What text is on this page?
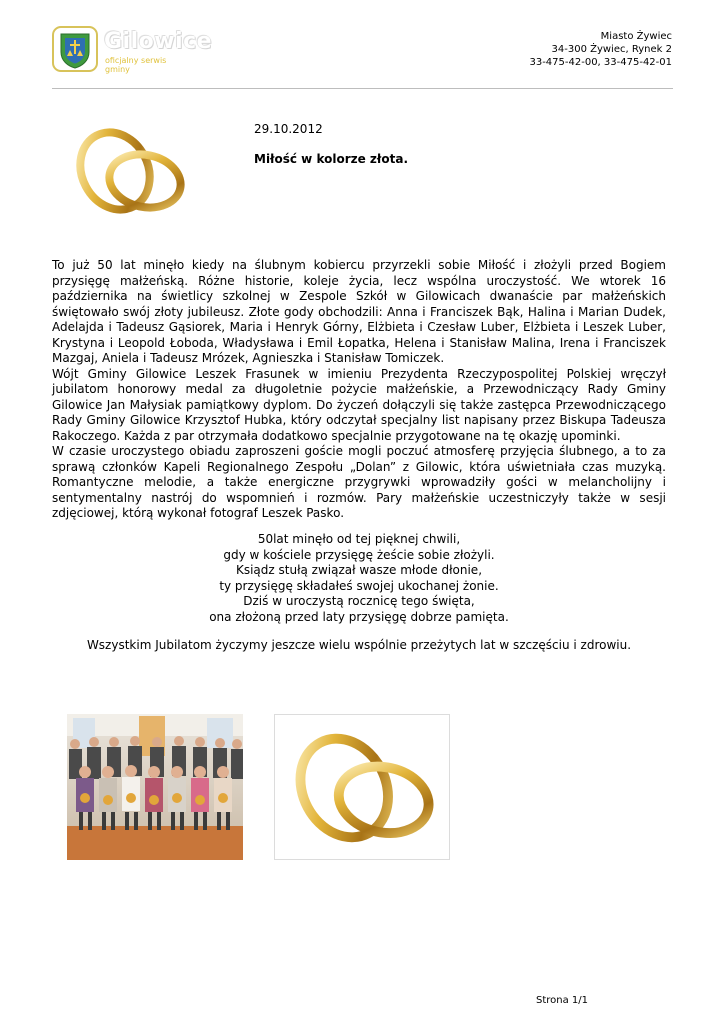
Gilowice
oficjalny serwis gminy
Miasto Żywiec
34-300 Żywiec, Rynek 2
33-475-42-00, 33-475-42-01
29.10.2012
Miłość w kolorze złota.

To już 50 lat minęło kiedy na ślubnym kobiercu przyrzekli sobie Miłość i złożyli przed Bogiem przysięgę małżeńską. Różne historie, koleje życia, lecz wspólna uroczystość. We wtorek 16 października na świetlicy szkolnej w Zespole Szkół w Gilowicach dwanaście par małżeńskich świętowało swój złoty jubileusz. Złote gody obchodzili: Anna i Franciszek Bąk, Halina i Marian Dudek, Adelajda i Tadeusz Gąsiorek, Maria i Henryk Górny, Elżbieta i Czesław Luber, Elżbieta i Leszek Luber, Krystyna i Leopold Łoboda, Władysława i Emil Łopatka, Helena i Stanisław Malina, Irena i Franciszek Mazgaj, Aniela i Tadeusz Mrózek, Agnieszka i Stanisław Tomiczek.

Wójt Gminy Gilowice Leszek Frasunek w imieniu Prezydenta Rzeczypospolitej Polskiej wręczył jubilatom honorowy medal za długoletnie pożycie małżeńskie, a Przewodniczący Rady Gminy Gilowice Jan Małysiak pamiątkowy dyplom. Do życzeń dołączyli się także zastępca Przewodniczącego Rady Gminy Gilowice Krzysztof Hubka, który odczytał specjalny list napisany przez Biskupa Tadeusza Rakoczego. Każda z par otrzymała dodatkowo specjalnie przygotowane na tę okazję upominki.

W czasie uroczystego obiadu zaproszeni goście mogli poczuć atmosferę przyjęcia ślubnego, a to za sprawą członków Kapeli Regionalnego Zespołu „Dolan” z Gilowic, która uświetniała czas muzyką. Romantyczne melodie, a także energiczne przygrywki wprowadziły gości w melancholijny i sentymentalny nastrój do wspomnień i rozmów. Pary małżeńskie uczestniczyły także w sesji zdjęciowej, którą wykonał fotograf Leszek Pasko.

50lat minęło od tej pięknej chwili,
gdy w kościele przysięgę żeście sobie złożyli.
Ksiądz stułą związał wasze młode dłonie,
ty przysięgę składałeś swojej ukochanej żonie.
Dziś w uroczystą rocznicę tego święta,
ona złożoną przed laty przysięgę dobrze pamięta.
Wszystkim Jubilatom życzymy jeszcze wielu wspólnie przeżytych lat w szczęściu i zdrowiu.
Strona 1/1
